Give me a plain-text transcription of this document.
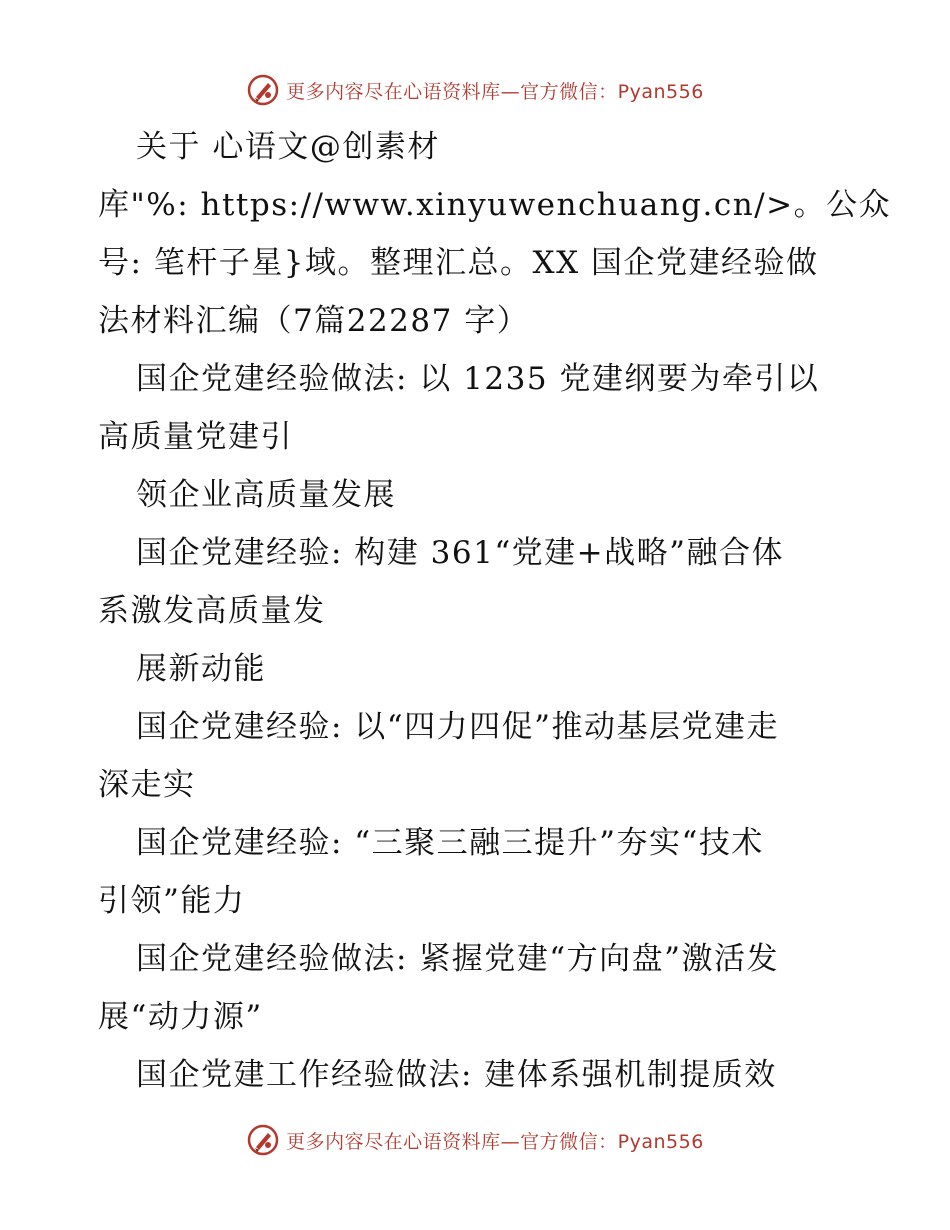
更多内容尽在心语资料库—官方微信：Pyan556
关于 心语文@创素材
库"%: https://www.xinyuwenchuang.cn/>。公众
号: 笔杆子星}域。整理汇总。XX 国企党建经验做
法材料汇编（7篇22287 字）
国企党建经验做法: 以 1235 党建纲要为牵引以
高质量党建引
领企业高质量发展
国企党建经验: 构建 361“党建+战略”融合体
系激发高质量发
展新动能
国企党建经验: 以“四力四促”推动基层党建走
深走实
国企党建经验: “三聚三融三提升”夯实“技术
引领”能力
国企党建经验做法: 紧握党建“方向盘”激活发
展“动力源”
国企党建工作经验做法: 建体系强机制提质效
更多内容尽在心语资料库—官方微信：Pyan556
